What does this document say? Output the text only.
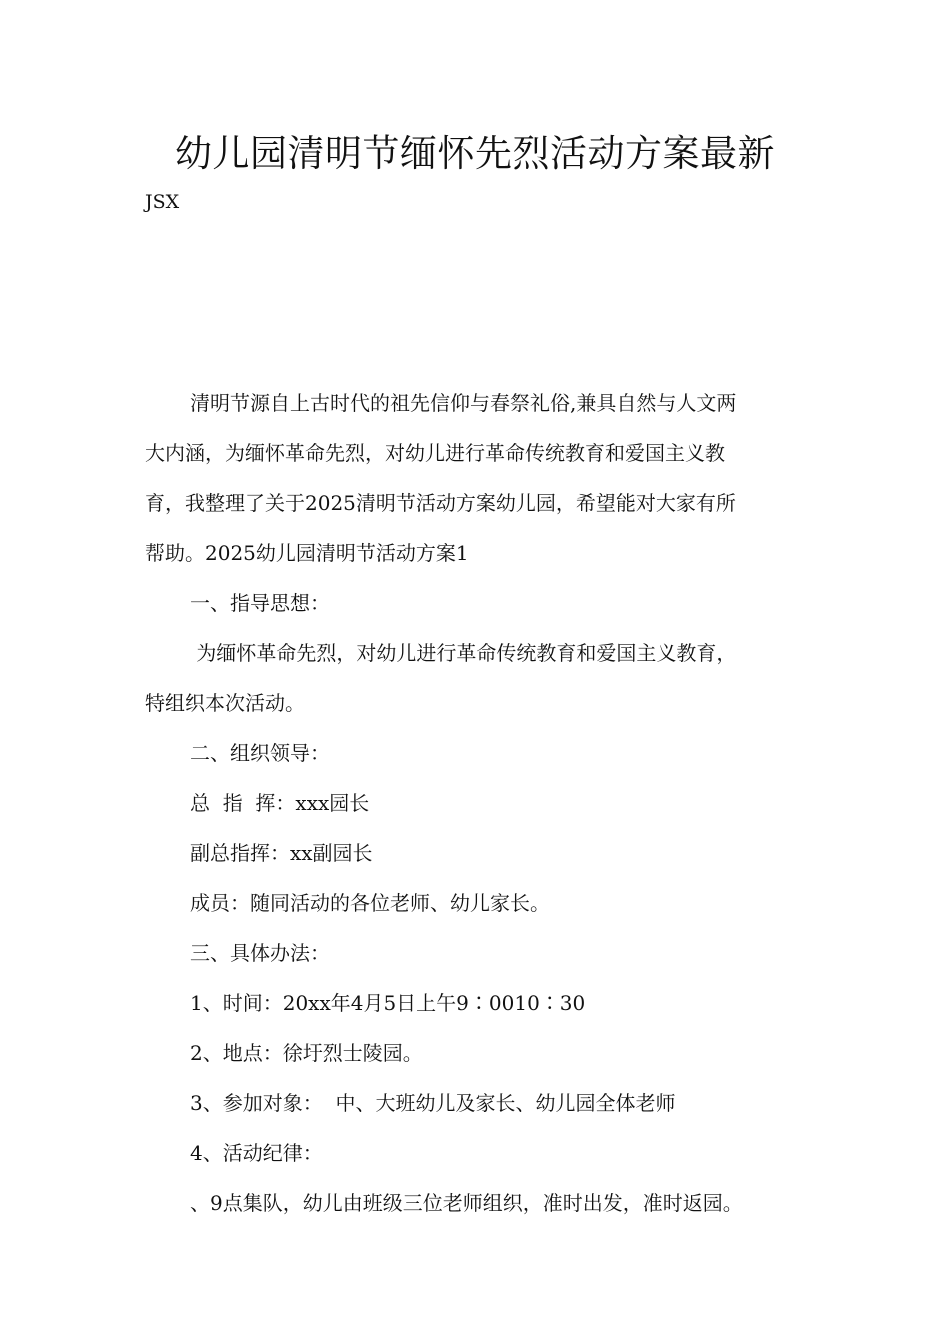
幼儿园清明节缅怀先烈活动方案最新
JSX

清明节源自上古时代的祖先信仰与春祭礼俗,兼具自然与人文两

大内涵，为缅怀革命先烈，对幼儿进行革命传统教育和爱国主义教

育，我整理了关于2025清明节活动方案幼儿园，希望能对大家有所

帮助。2025幼儿园清明节活动方案1

一、指导思想：

为缅怀革命先烈，对幼儿进行革命传统教育和爱国主义教育，

特组织本次活动。

二、组织领导：

总  指  挥：xxx园长

副总指挥：xx副园长

成员：随同活动的各位老师、幼儿家长。

三、具体办法：

1、时间：20xx年4月5日上午9∶0010∶30

2、地点：徐圩烈士陵园。

3、参加对象：  中、大班幼儿及家长、幼儿园全体老师

4、活动纪律：

、9点集队，幼儿由班级三位老师组织，准时出发，准时返园。
